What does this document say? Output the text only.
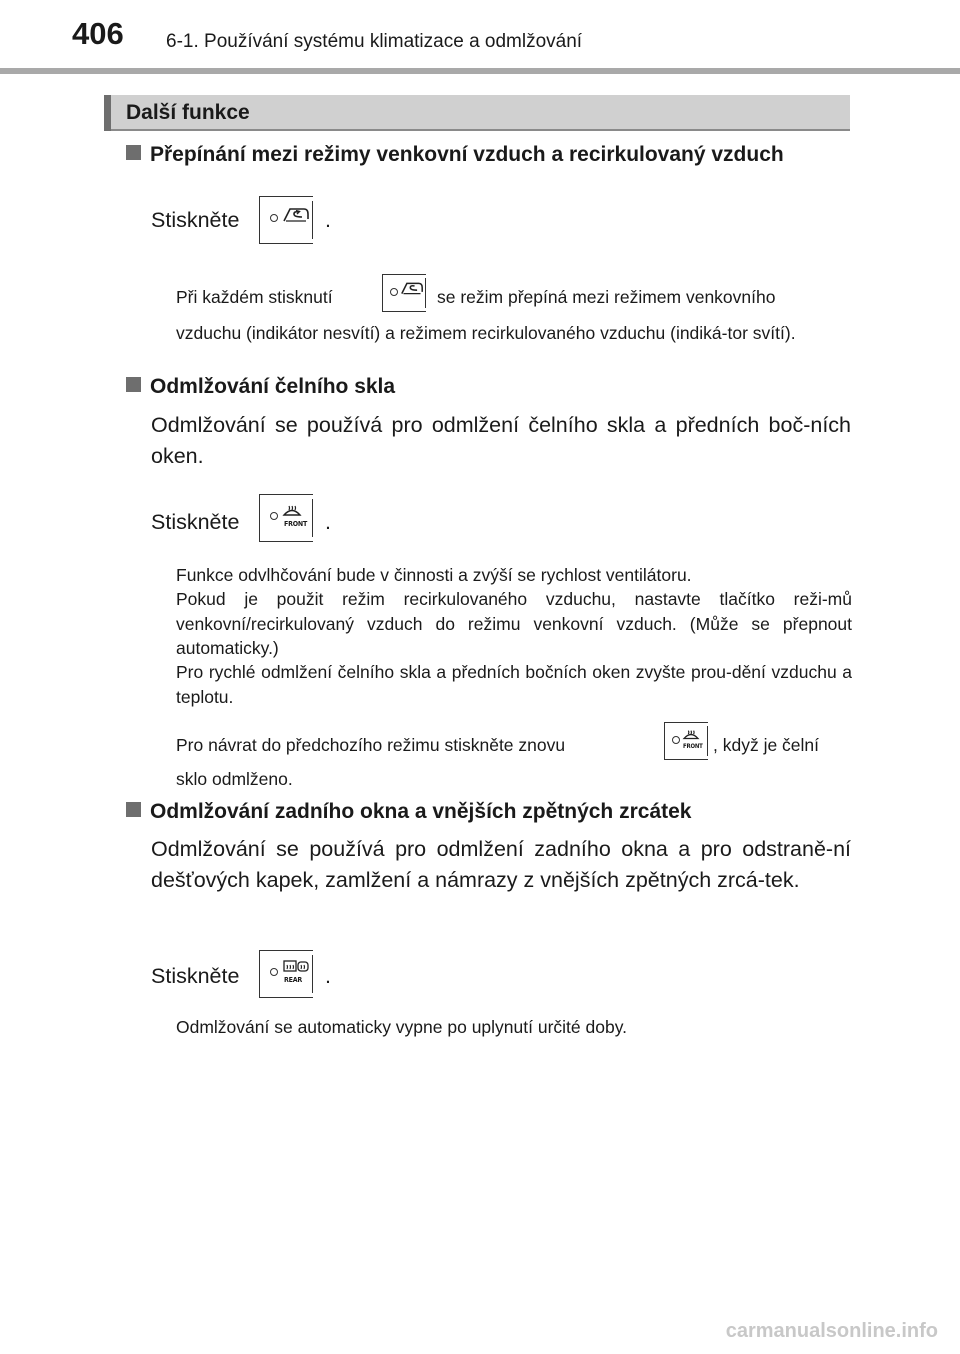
406 6-1. Používání systému klimatizace a odmlžování
Další funkce
Přepínání mezi režimy venkovní vzduch a recirkulovaný vzduch
Stiskněte	.
Při každém stisknutí	se režim přepíná mezi režimem venkovního
vzduchu (indikátor nesvítí) a režimem recirkulovaného vzduchu (indiká-tor svítí).
Odmlžování čelního skla
Odmlžování se používá pro odmlžení čelního skla a předních boč-ních oken.
Stiskněte	FRONT .
Funkce odvlhčování bude v činnosti a zvýší se rychlost ventilátoru.
Pokud je použit režim recirkulovaného vzduchu, nastavte tlačítko reži-mů venkovní/recirkulovaný vzduch do režimu venkovní vzduch. (Může se přepnout automaticky.)
Pro rychlé odmlžení čelního skla a předních bočních oken zvyšte prou-dění vzduchu a teplotu.
Pro návrat do předchozího režimu stiskněte znovu	FRONT , když je čelní
sklo odmlženo.
Odmlžování zadního okna a vnějších zpětných zrcátek
Odmlžování se používá pro odmlžení zadního okna a pro odstraně-ní dešťových kapek, zamlžení a námrazy z vnějších zpětných zrcá-tek.
Stiskněte	REAR .
Odmlžování se automaticky vypne po uplynutí určité doby.
carmanualsonline.info
